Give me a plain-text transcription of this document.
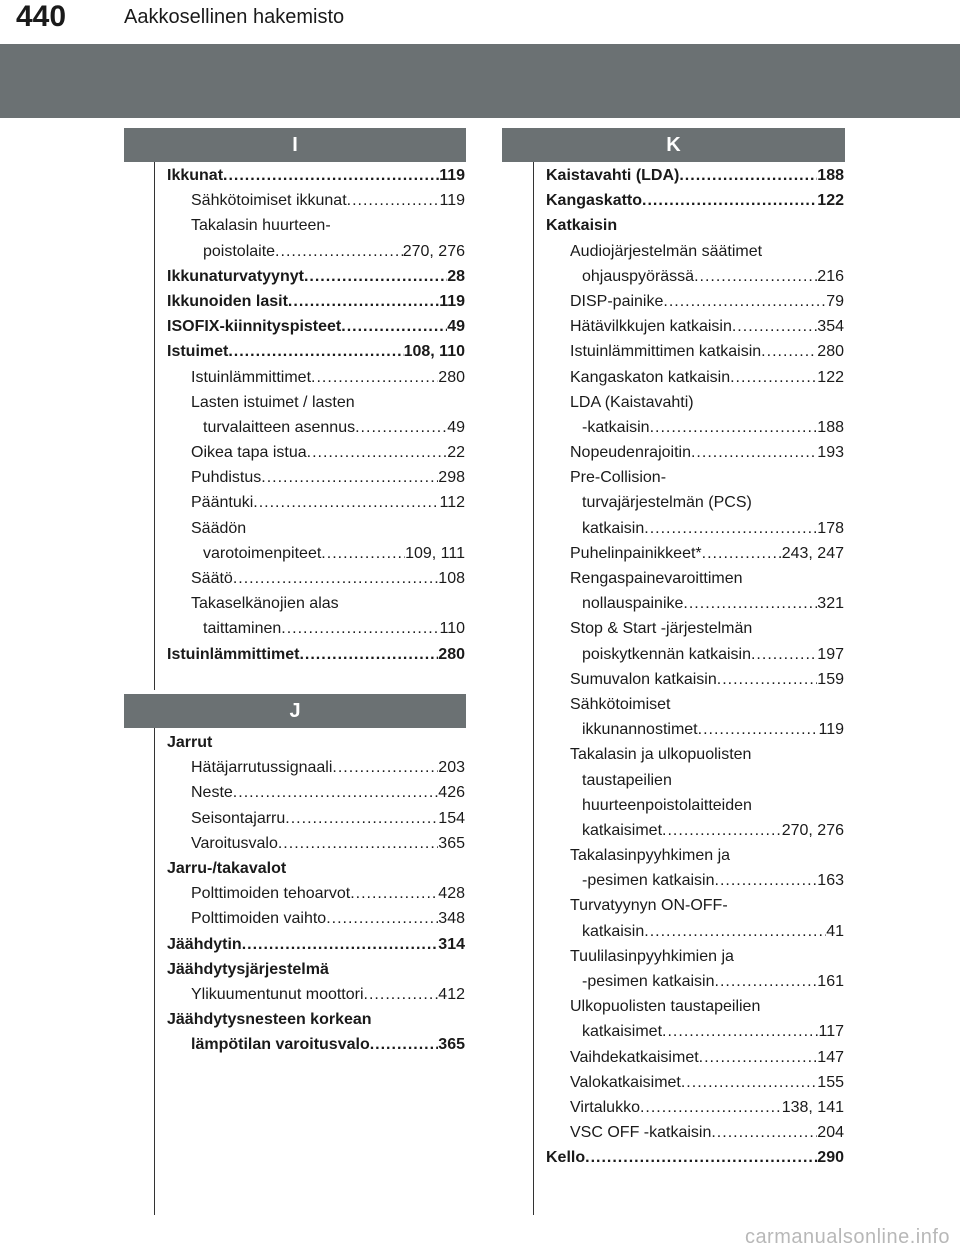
440	Aakkosellinen hakemisto
I
Ikkunat .....	119
Sähkötoimiset ikkunat .....	119
Takalasin huurteen-
poistolaite .....	270, 276
Ikkunaturvatyynyt .....	28
Ikkunoiden lasit .....	119
ISOFIX-kiinnityspisteet .....	49
Istuimet .....	108, 110
Istuinlämmittimet .....	280
Lasten istuimet / lasten
turvalaitteen asennus .....	49
Oikea tapa istua .....	22
Puhdistus .....	298
Pääntuki .....	112
Säädön
varotoimenpiteet .....	109, 111
Säätö .....	108
Takaselkänojien alas
taittaminen .....	110
Istuinlämmittimet .....	280
J
Jarrut
Hätäjarrutussignaali .....	203
Neste .....	426
Seisontajarru .....	154
Varoitusvalo .....	365
Jarru-/takavalot
Polttimoiden tehoarvot .....	428
Polttimoiden vaihto .....	348
Jäähdytin .....	314
Jäähdytysjärjestelmä
Ylikuumentunut moottori .....	412
Jäähdytysnesteen korkean
lämpötilan varoitusvalo .....	365
K
Kaistavahti (LDA) .....	188
Kangaskatto .....	122
Katkaisin
Audiojärjestelmän säätimet
ohjauspyörässä .....	216
DISP-painike .....	79
Hätävilkkujen katkaisin .....	354
Istuinlämmittimen katkaisin .....	280
Kangaskaton katkaisin .....	122
LDA (Kaistavahti)
-katkaisin .....	188
Nopeudenrajoitin .....	193
Pre-Collision-
turvajärjestelmän (PCS)
katkaisin .....	178
Puhelinpainikkeet* .....	243, 247
Rengaspainevaroittimen
nollauspainike .....	321
Stop & Start -järjestelmän
poiskytkennän katkaisin .....	197
Sumuvalon katkaisin .....	159
Sähkötoimiset
ikkunannostimet .....	119
Takalasin ja ulkopuolisten
taustapeilien
huurteenpoistolaitteiden
katkaisimet .....	270, 276
Takalasinpyyhkimen ja
-pesimen katkaisin .....	163
Turvatyynyn ON-OFF-
katkaisin .....	41
Tuulilasinpyyhkimien ja
-pesimen katkaisin .....	161
Ulkopuolisten taustapeilien
katkaisimet .....	117
Vaihdekatkaisimet .....	147
Valokatkaisimet .....	155
Virtalukko .....	138, 141
VSC OFF -katkaisin .....	204
Kello .....	290
carmanualsonline.info
